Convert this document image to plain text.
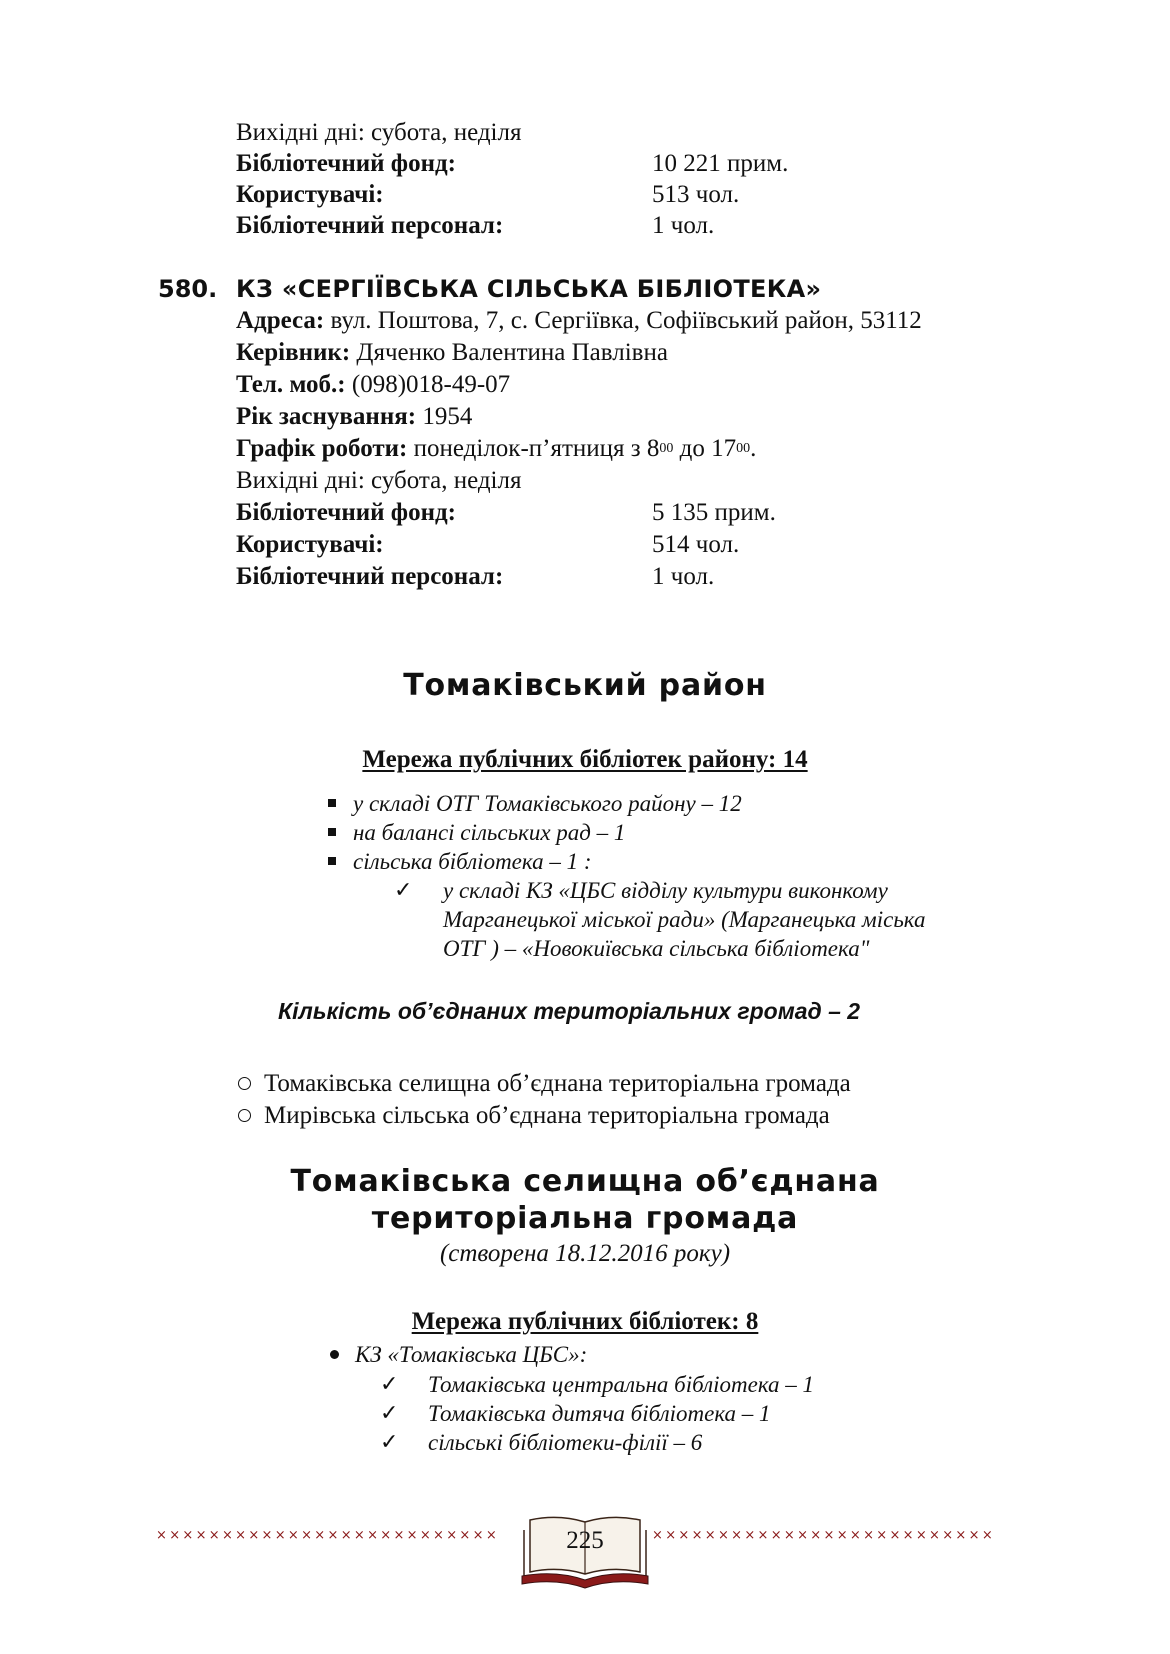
Вихідні дні: субота, неділя
Бібліотечний фонд:	10 221 прим.
Користувачі:	513 чол.
Бібліотечний персонал:	1 чол.
580. КЗ «СЕРГІЇВСЬКА СІЛЬСЬКА БІБЛІОТЕКА»
Адреса: вул. Поштова, 7, с. Сергіївка, Софіївський район, 53112
Керівник: Дяченко Валентина Павлівна
Тел. моб.: (098)018-49-07
Рік заснування: 1954
Графік роботи: понеділок-п’ятниця з $8^{00}$ до $17^{00}$.
Вихідні дні: субота, неділя
Бібліотечний фонд:	5 135 прим.
Користувачі:	514 чол.
Бібліотечний персонал:	1 чол.
Томаківський район
Мережа публічних бібліотек району: 14
у складі ОТГ Томаківського району – 12
на балансі сільських рад – 1
сільська бібліотека – 1 :
✓ у складі КЗ «ЦБС відділу культури виконкому
Марганецької міської ради» (Марганецька міська
ОТГ ) – «Новокиївська сільська бібліотека"
Кількість об’єднаних територіальних громад – 2
Томаківська селищна об’єднана територіальна громада
Мирівська сільська об’єднана територіальна громада
Томаківська селищна об’єднана
територіальна громада
(створена 18.12.2016 року)
Мережа публічних бібліотек: 8
КЗ «Томаківська ЦБС»:
✓ Томаківська центральна бібліотека – 1
✓ Томаківська дитяча бібліотека – 1
✓ сільські бібліотеки-філії – 6
××××××××××××××××××××××××××	××××××××××××××××××××××××××
225
